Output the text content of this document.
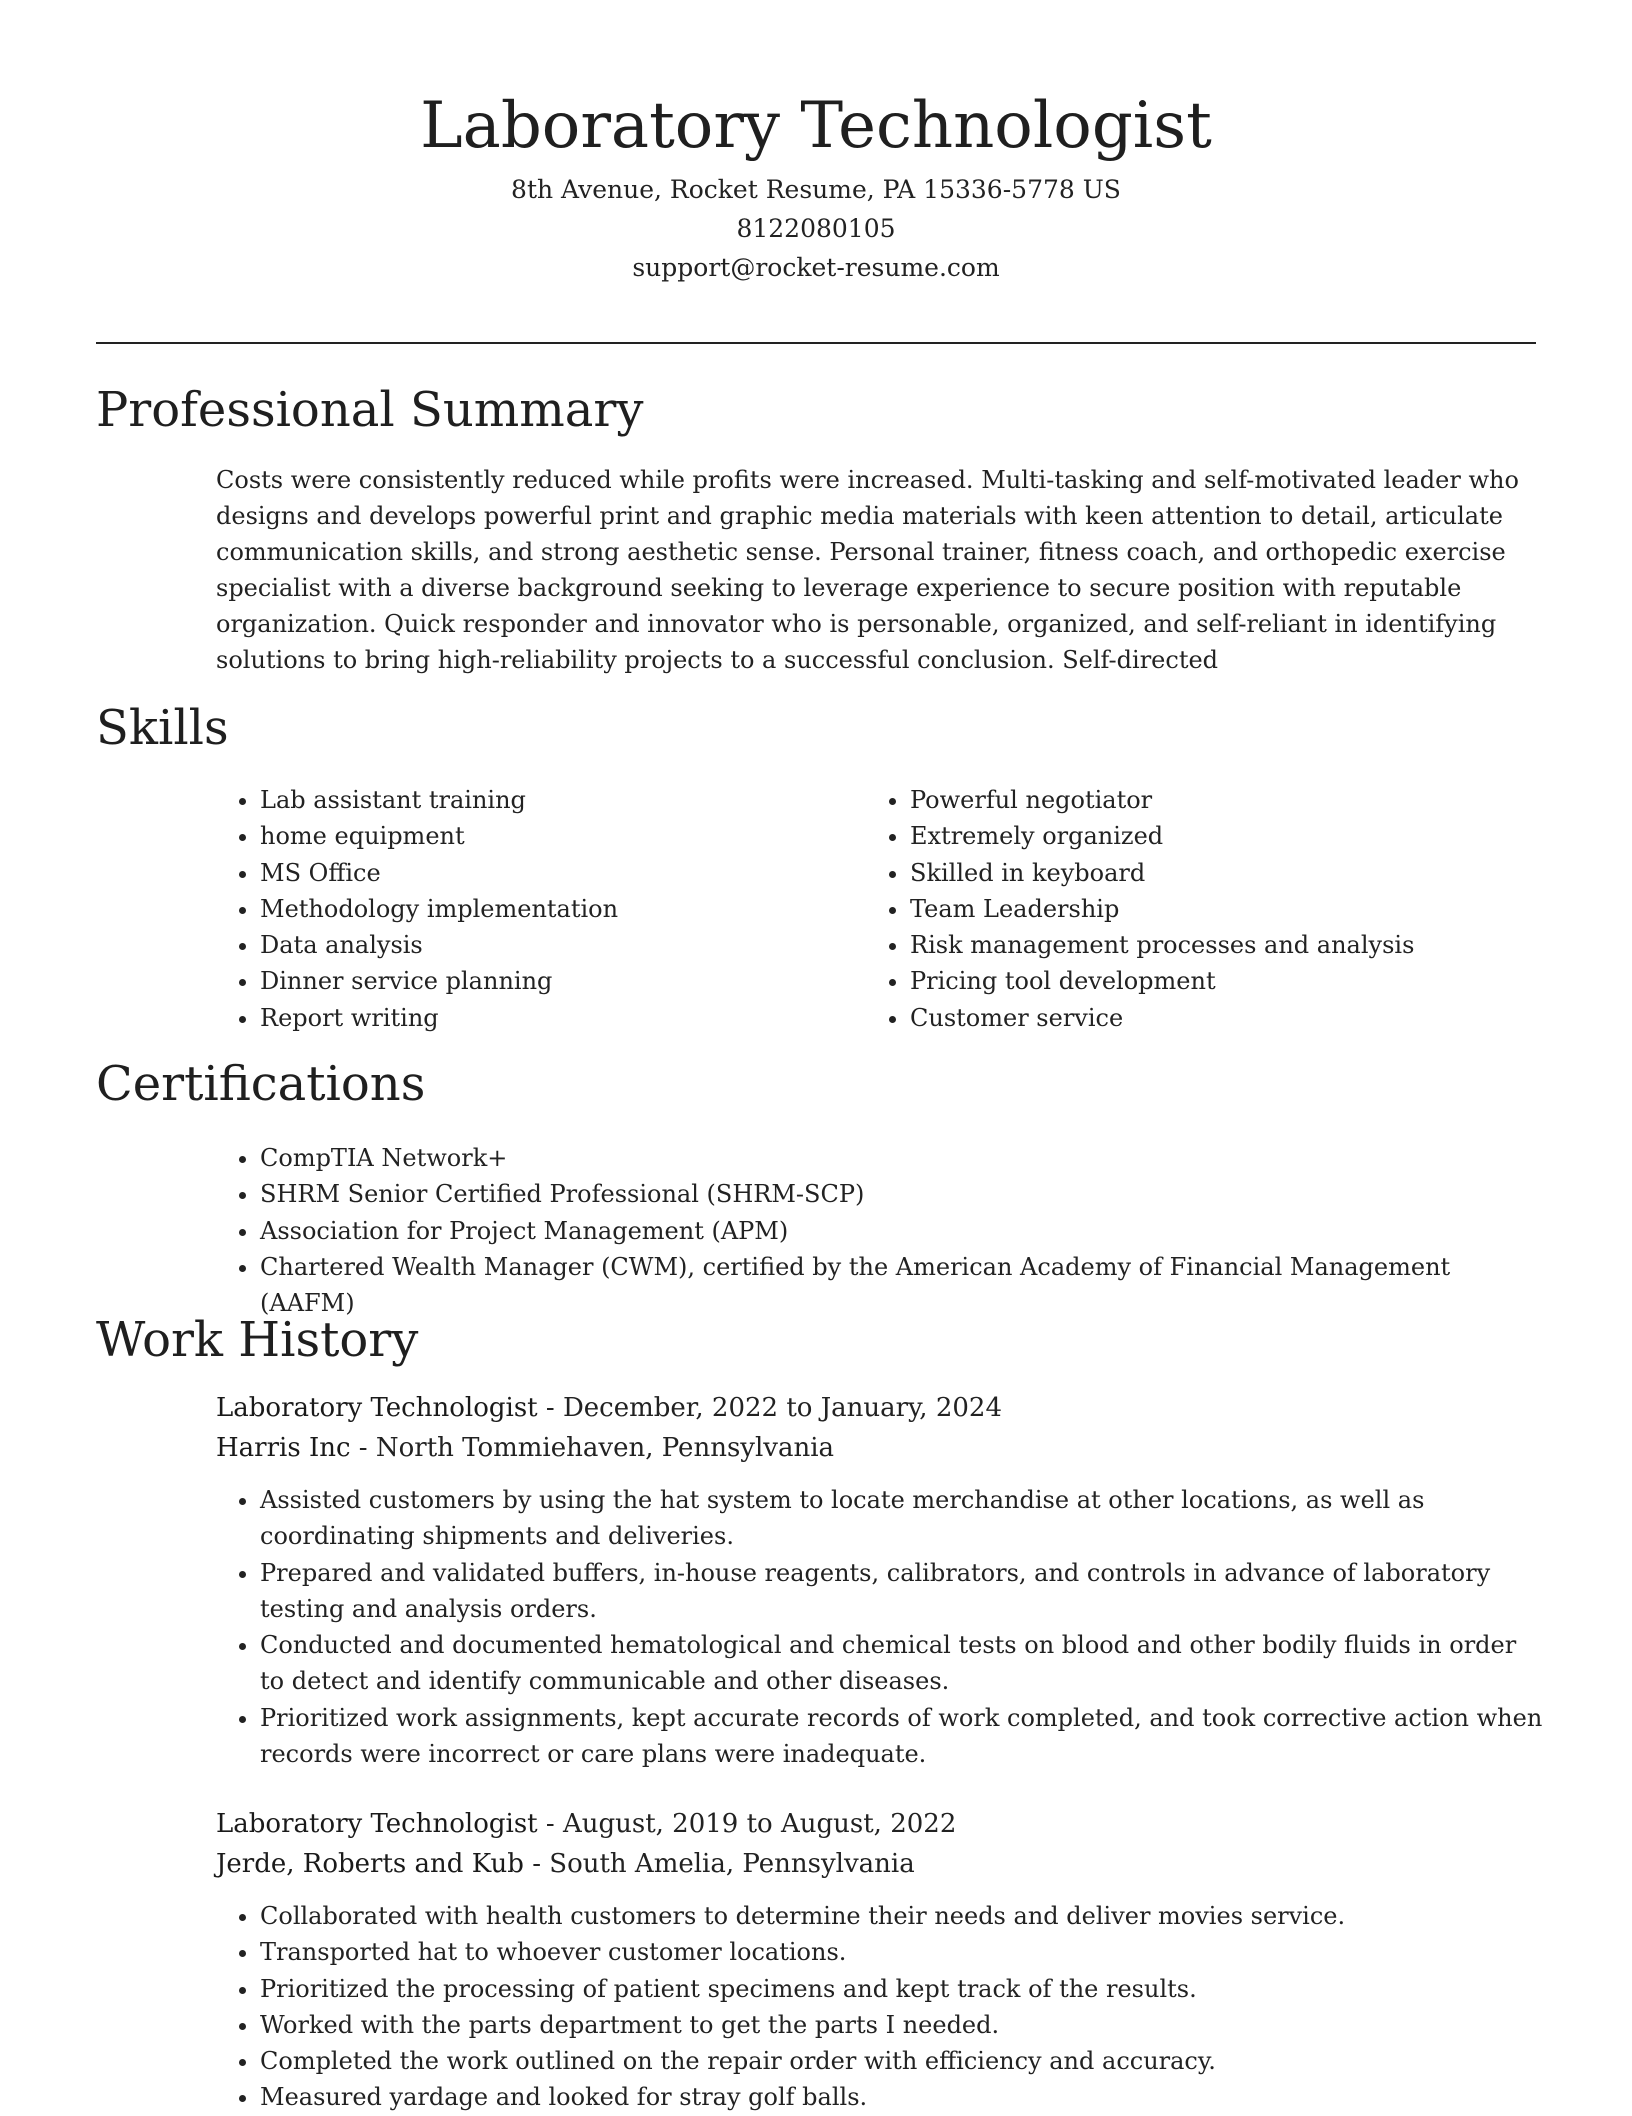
Laboratory Technologist
8th Avenue, Rocket Resume, PA 15336-5778 US
8122080105
support@rocket-resume.com
Professional Summary

Costs were consistently reduced while profits were increased. Multi-tasking and self-motivated leader who designs and develops powerful print and graphic media materials with keen attention to detail, articulate communication skills, and strong aesthetic sense. Personal trainer, fitness coach, and orthopedic exercise specialist with a diverse background seeking to leverage experience to secure position with reputable organization. Quick responder and innovator who is personable, organized, and self-reliant in identifying solutions to bring high-reliability projects to a successful conclusion. Self-directed

Skills
• Lab assistant training
• home equipment
• MS Office
• Methodology implementation
• Data analysis
• Dinner service planning
• Report writing
• Powerful negotiator
• Extremely organized
• Skilled in keyboard
• Team Leadership
• Risk management processes and analysis
• Pricing tool development
• Customer service
Certifications
• CompTIA Network+
• SHRM Senior Certified Professional (SHRM-SCP)
• Association for Project Management (APM)
• Chartered Wealth Manager (CWM), certified by the American Academy of Financial Management (AAFM)
Work History
Laboratory Technologist - December, 2022 to January, 2024
Harris Inc - North Tommiehaven, Pennsylvania
• Assisted customers by using the hat system to locate merchandise at other locations, as well as coordinating shipments and deliveries.
• Prepared and validated buffers, in-house reagents, calibrators, and controls in advance of laboratory testing and analysis orders.
• Conducted and documented hematological and chemical tests on blood and other bodily fluids in order to detect and identify communicable and other diseases.
• Prioritized work assignments, kept accurate records of work completed, and took corrective action when records were incorrect or care plans were inadequate.
Laboratory Technologist - August, 2019 to August, 2022
Jerde, Roberts and Kub - South Amelia, Pennsylvania
• Collaborated with health customers to determine their needs and deliver movies service.
• Transported hat to whoever customer locations.
• Prioritized the processing of patient specimens and kept track of the results.
• Worked with the parts department to get the parts I needed.
• Completed the work outlined on the repair order with efficiency and accuracy.
• Measured yardage and looked for stray golf balls.
